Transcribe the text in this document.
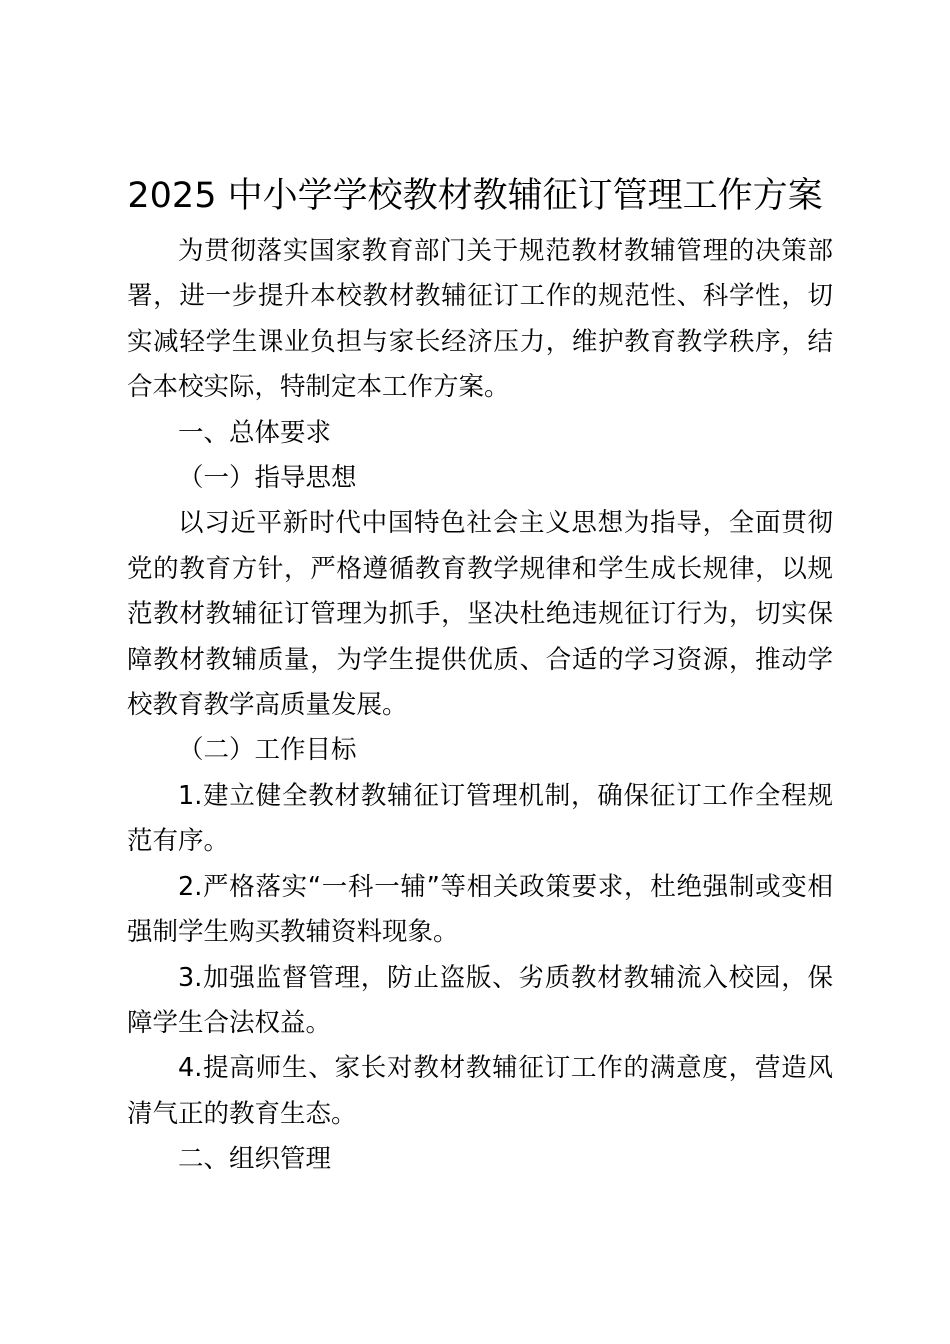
2025 中小学学校教材教辅征订管理工作方案

为贯彻落实国家教育部门关于规范教材教辅管理的决策部署，进一步提升本校教材教辅征订工作的规范性、科学性，切实减轻学生课业负担与家长经济压力，维护教育教学秩序，结合本校实际，特制定本工作方案。

一、总体要求

（一）指导思想

以习近平新时代中国特色社会主义思想为指导，全面贯彻党的教育方针，严格遵循教育教学规律和学生成长规律，以规范教材教辅征订管理为抓手，坚决杜绝违规征订行为，切实保障教材教辅质量，为学生提供优质、合适的学习资源，推动学校教育教学高质量发展。

（二）工作目标

1.建立健全教材教辅征订管理机制，确保征订工作全程规范有序。

2.严格落实“一科一辅”等相关政策要求，杜绝强制或变相强制学生购买教辅资料现象。

3.加强监督管理，防止盗版、劣质教材教辅流入校园，保障学生合法权益。

4.提高师生、家长对教材教辅征订工作的满意度，营造风清气正的教育生态。

二、组织管理
